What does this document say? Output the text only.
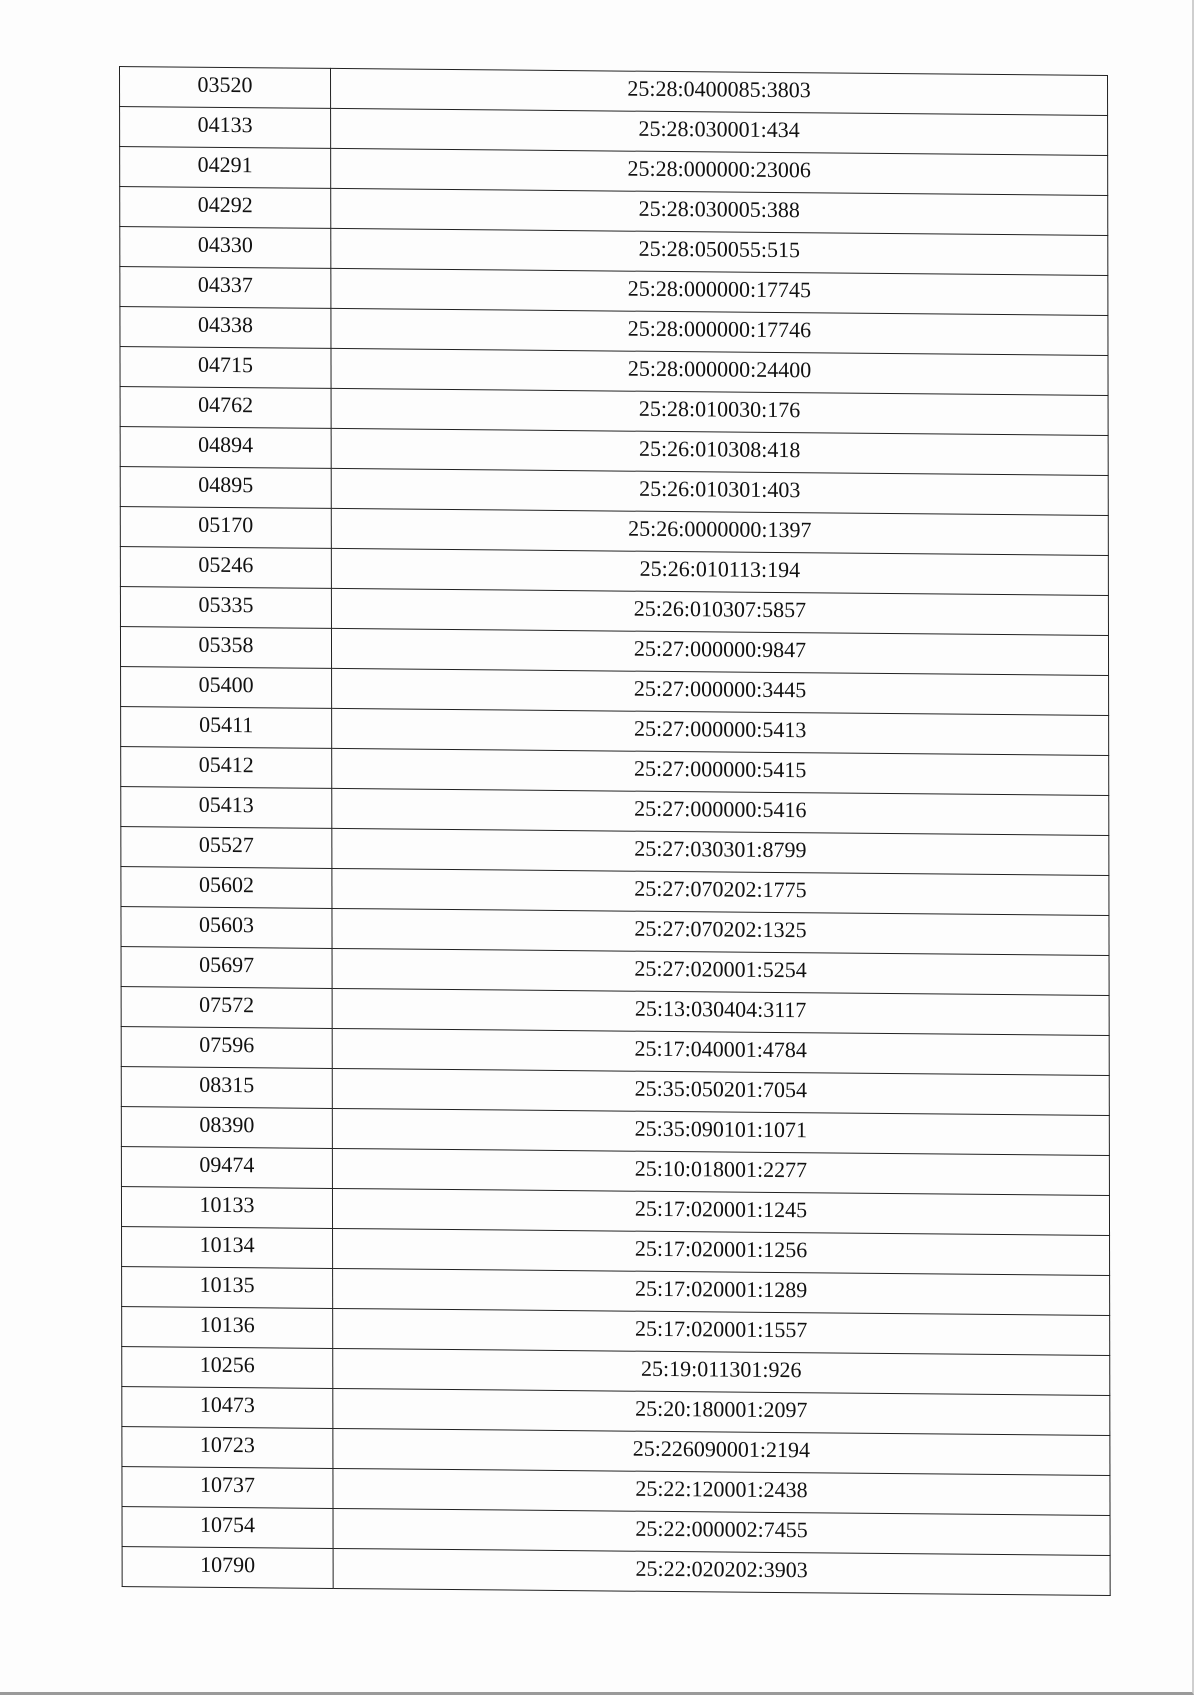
03520	25:28:0400085:3803
04133	25:28:030001:434
04291	25:28:000000:23006
04292	25:28:030005:388
04330	25:28:050055:515
04337	25:28:000000:17745
04338	25:28:000000:17746
04715	25:28:000000:24400
04762	25:28:010030:176
04894	25:26:010308:418
04895	25:26:010301:403
05170	25:26:0000000:1397
05246	25:26:010113:194
05335	25:26:010307:5857
05358	25:27:000000:9847
05400	25:27:000000:3445
05411	25:27:000000:5413
05412	25:27:000000:5415
05413	25:27:000000:5416
05527	25:27:030301:8799
05602	25:27:070202:1775
05603	25:27:070202:1325
05697	25:27:020001:5254
07572	25:13:030404:3117
07596	25:17:040001:4784
08315	25:35:050201:7054
08390	25:35:090101:1071
09474	25:10:018001:2277
10133	25:17:020001:1245
10134	25:17:020001:1256
10135	25:17:020001:1289
10136	25:17:020001:1557
10256	25:19:011301:926
10473	25:20:180001:2097
10723	25:226090001:2194
10737	25:22:120001:2438
10754	25:22:000002:7455
10790	25:22:020202:3903
